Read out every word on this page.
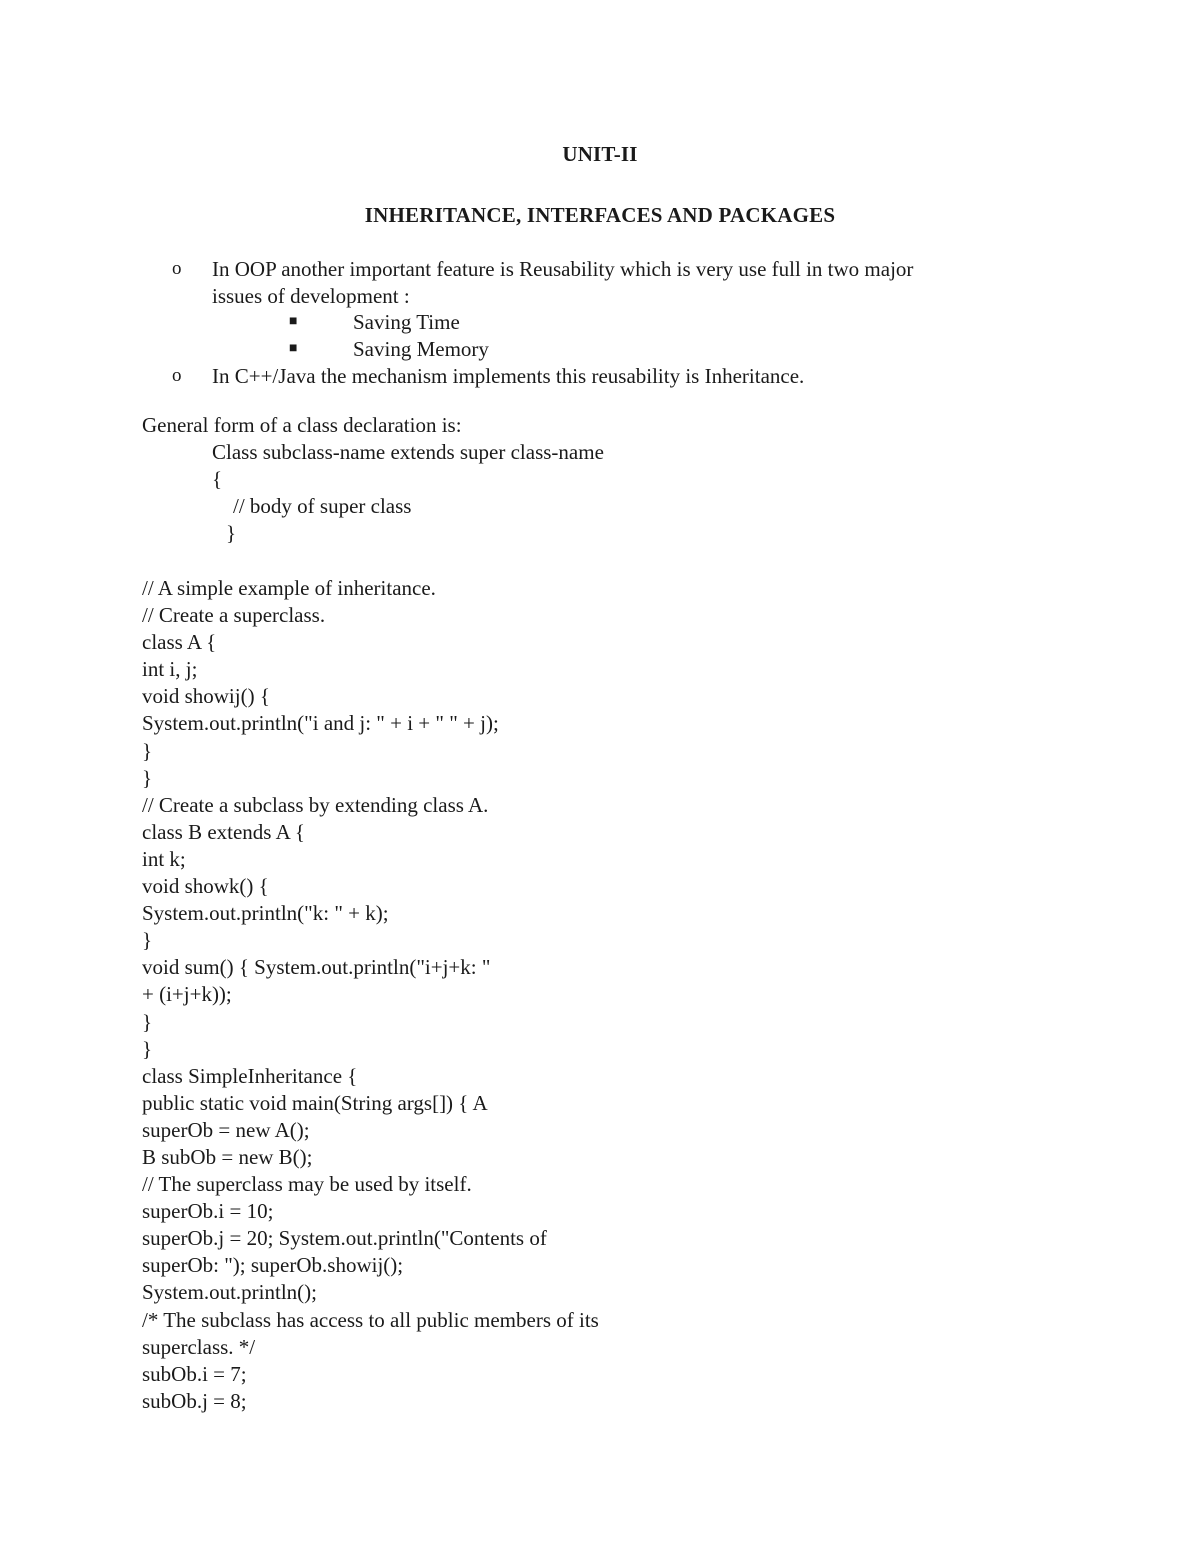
UNIT-II
INHERITANCE, INTERFACES AND PACKAGES
o	In OOP another important feature is Reusability which is very use full in two major
issues of development :
■	Saving Time
■	Saving Memory
o	In C++/Java the mechanism implements this reusability is Inheritance.
General form of a class declaration is:
Class subclass-name extends super class-name
{
// body of super class
}
// A simple example of inheritance.
// Create a superclass.
class A {
int i, j;
void showij() {
System.out.println("i and j: " + i + " " + j);
}
}
// Create a subclass by extending class A.
class B extends A {
int k;
void showk() {
System.out.println("k: " + k);
}
void sum() { System.out.println("i+j+k: "
+ (i+j+k));
}
}
class SimpleInheritance {
public static void main(String args[]) { A
superOb = new A();
B subOb = new B();
// The superclass may be used by itself.
superOb.i = 10;
superOb.j = 20; System.out.println("Contents of
superOb: "); superOb.showij();
System.out.println();
/* The subclass has access to all public members of its
superclass. */
subOb.i = 7;
subOb.j = 8;
